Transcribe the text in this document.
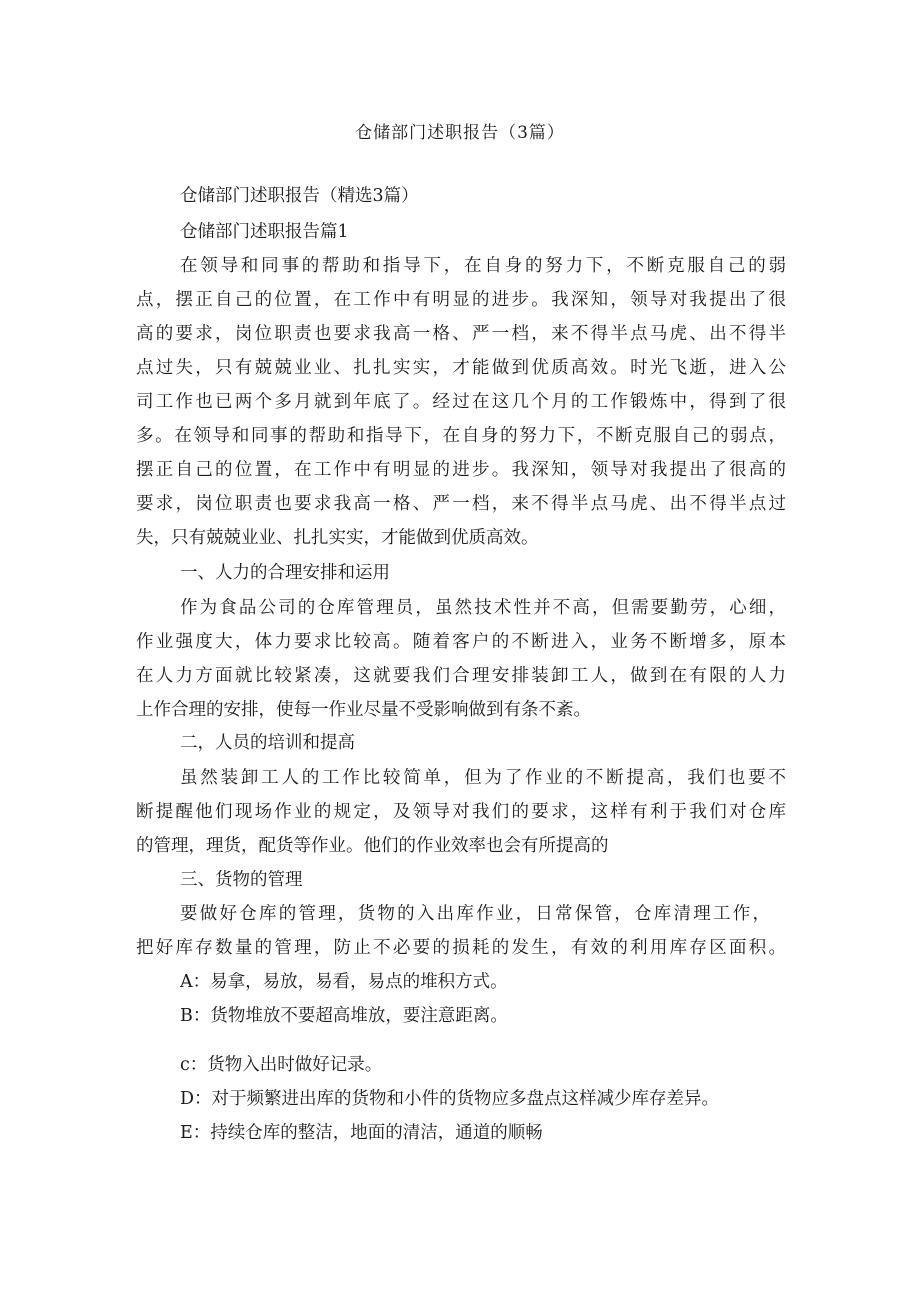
仓储部门述职报告（3篇）
仓储部门述职报告（精选3篇）
仓储部门述职报告篇1
在领导和同事的帮助和指导下，在自身的努力下，不断克服自己的弱
点，摆正自己的位置，在工作中有明显的进步。我深知，领导对我提出了很
高的要求，岗位职责也要求我高一格、严一档，来不得半点马虎、出不得半
点过失，只有兢兢业业、扎扎实实，才能做到优质高效。时光飞逝，进入公
司工作也已两个多月就到年底了。经过在这几个月的工作锻炼中，得到了很
多。在领导和同事的帮助和指导下，在自身的努力下，不断克服自己的弱点，
摆正自己的位置，在工作中有明显的进步。我深知，领导对我提出了很高的
要求，岗位职责也要求我高一格、严一档，来不得半点马虎、出不得半点过
失，只有兢兢业业、扎扎实实，才能做到优质高效。
一、人力的合理安排和运用
作为食品公司的仓库管理员，虽然技术性并不高，但需要勤劳，心细，
作业强度大，体力要求比较高。随着客户的不断进入，业务不断增多，原本
在人力方面就比较紧凑，这就要我们合理安排装卸工人，做到在有限的人力
上作合理的安排，使每一作业尽量不受影响做到有条不紊。
二，人员的培训和提高
虽然装卸工人的工作比较简单，但为了作业的不断提高，我们也要不
断提醒他们现场作业的规定，及领导对我们的要求，这样有利于我们对仓库
的管理，理货，配货等作业。他们的作业效率也会有所提高的
三、货物的管理
要做好仓库的管理，货物的入出库作业，日常保管，仓库清理工作，
把好库存数量的管理，防止不必要的损耗的发生，有效的利用库存区面积。
A：易拿，易放，易看，易点的堆积方式。
B：货物堆放不要超高堆放，要注意距离。
c：货物入出时做好记录。
D：对于频繁进出库的货物和小件的货物应多盘点这样减少库存差异。
E：持续仓库的整洁，地面的清洁，通道的顺畅
